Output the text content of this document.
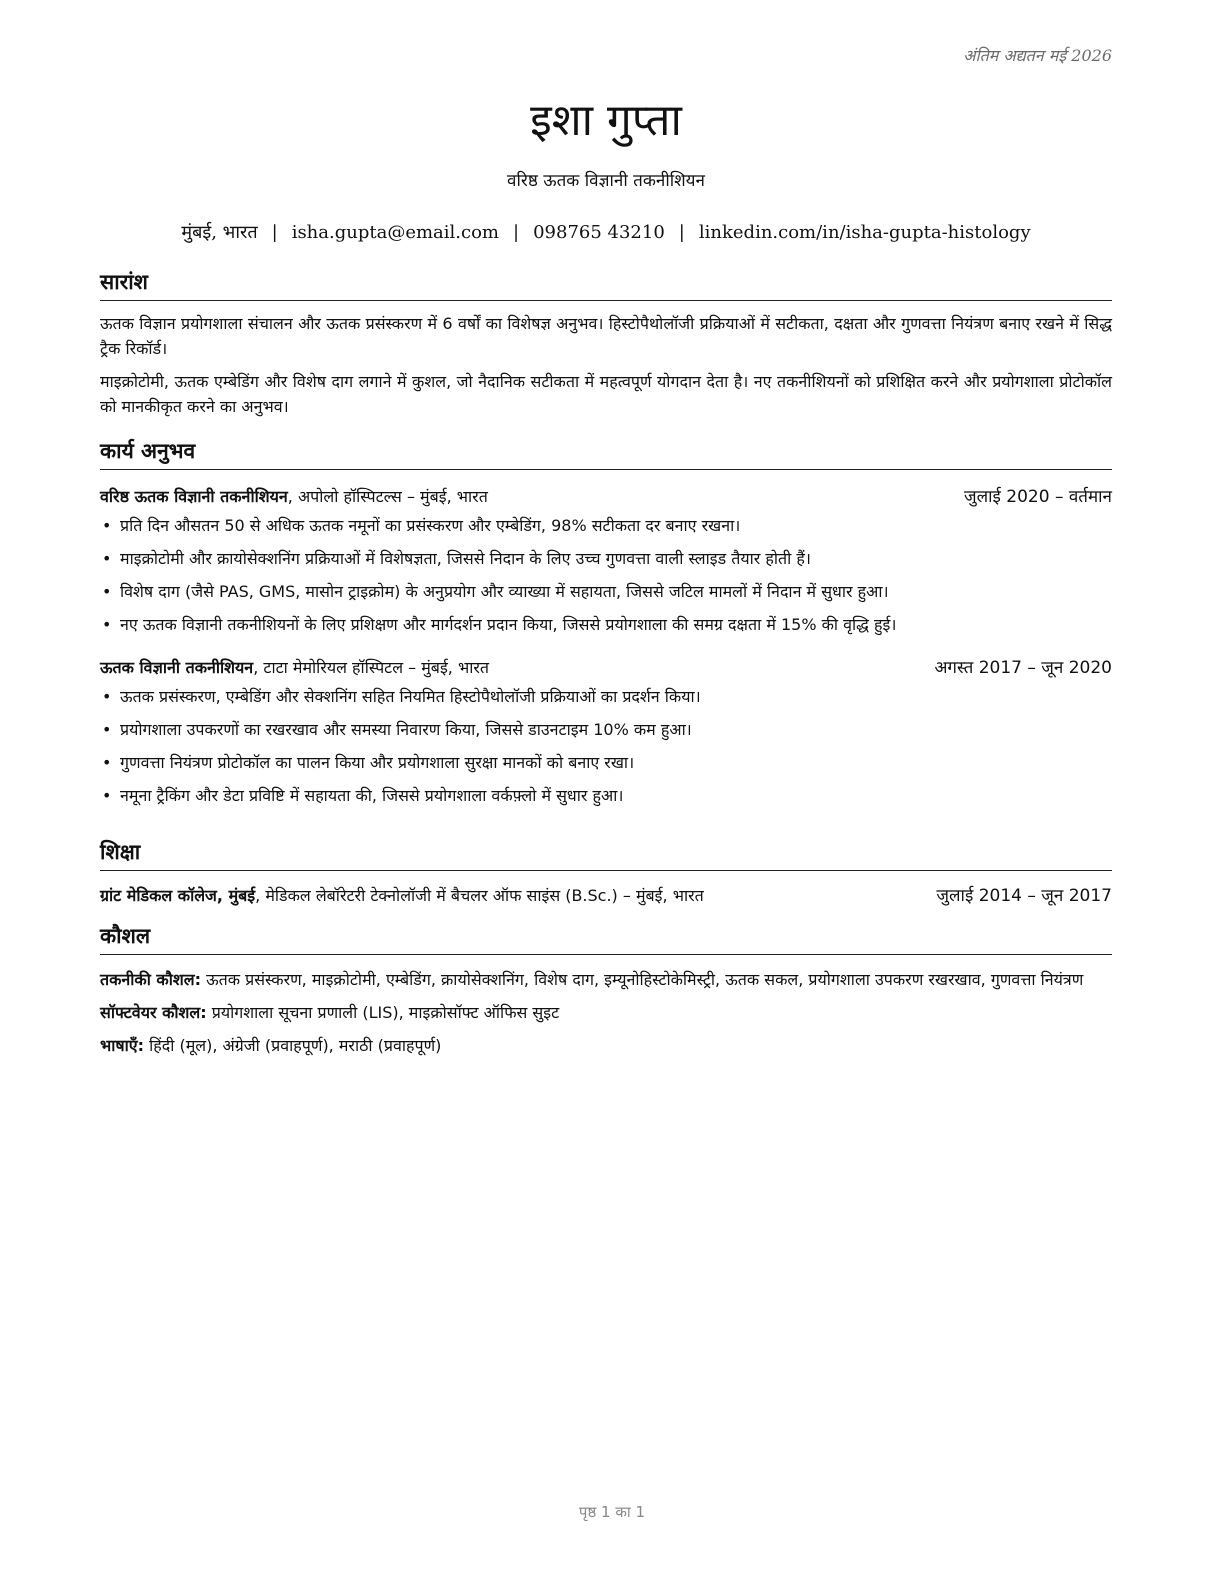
अंतिम अद्यतन मई 2026
इशा गुप्ता
वरिष्ठ ऊतक विज्ञानी तकनीशियन
मुंबई, भारत | isha.gupta@email.com | 098765 43210 | linkedin.com/in/isha-gupta-histology
सारांश

ऊतक विज्ञान प्रयोगशाला संचालन और ऊतक प्रसंस्करण में 6 वर्षों का विशेषज्ञ अनुभव। हिस्टोपैथोलॉजी प्रक्रियाओं में सटीकता, दक्षता और गुणवत्ता नियंत्रण बनाए रखने में सिद्ध ट्रैक रिकॉर्ड।

माइक्रोटोमी, ऊतक एम्बेडिंग और विशेष दाग लगाने में कुशल, जो नैदानिक सटीकता में महत्वपूर्ण योगदान देता है। नए तकनीशियनों को प्रशिक्षित करने और प्रयोगशाला प्रोटोकॉल को मानकीकृत करने का अनुभव।

कार्य अनुभव
वरिष्ठ ऊतक विज्ञानी तकनीशियन, अपोलो हॉस्पिटल्स – मुंबई, भारत	जुलाई 2020 – वर्तमान
• प्रति दिन औसतन 50 से अधिक ऊतक नमूनों का प्रसंस्करण और एम्बेडिंग, 98% सटीकता दर बनाए रखना।
• माइक्रोटोमी और क्रायोसेक्शनिंग प्रक्रियाओं में विशेषज्ञता, जिससे निदान के लिए उच्च गुणवत्ता वाली स्लाइड तैयार होती हैं।
• विशेष दाग (जैसे PAS, GMS, मासोन ट्राइक्रोम) के अनुप्रयोग और व्याख्या में सहायता, जिससे जटिल मामलों में निदान में सुधार हुआ।
• नए ऊतक विज्ञानी तकनीशियनों के लिए प्रशिक्षण और मार्गदर्शन प्रदान किया, जिससे प्रयोगशाला की समग्र दक्षता में 15% की वृद्धि हुई।
ऊतक विज्ञानी तकनीशियन, टाटा मेमोरियल हॉस्पिटल – मुंबई, भारत	अगस्त 2017 – जून 2020
• ऊतक प्रसंस्करण, एम्बेडिंग और सेक्शनिंग सहित नियमित हिस्टोपैथोलॉजी प्रक्रियाओं का प्रदर्शन किया।
• प्रयोगशाला उपकरणों का रखरखाव और समस्या निवारण किया, जिससे डाउनटाइम 10% कम हुआ।
• गुणवत्ता नियंत्रण प्रोटोकॉल का पालन किया और प्रयोगशाला सुरक्षा मानकों को बनाए रखा।
• नमूना ट्रैकिंग और डेटा प्रविष्टि में सहायता की, जिससे प्रयोगशाला वर्कफ़्लो में सुधार हुआ।
शिक्षा
ग्रांट मेडिकल कॉलेज, मुंबई, मेडिकल लेबॉरेटरी टेक्नोलॉजी में बैचलर ऑफ साइंस (B.Sc.) – मुंबई, भारत	जुलाई 2014 – जून 2017
कौशल

तकनीकी कौशल: ऊतक प्रसंस्करण, माइक्रोटोमी, एम्बेडिंग, क्रायोसेक्शनिंग, विशेष दाग, इम्यूनोहिस्टोकेमिस्ट्री, ऊतक सकल, प्रयोगशाला उपकरण रखरखाव, गुणवत्ता नियंत्रण

सॉफ्टवेयर कौशल: प्रयोगशाला सूचना प्रणाली (LIS), माइक्रोसॉफ्ट ऑफिस सुइट

भाषाएँ: हिंदी (मूल), अंग्रेजी (प्रवाहपूर्ण), मराठी (प्रवाहपूर्ण)

पृष्ठ 1 का 1
